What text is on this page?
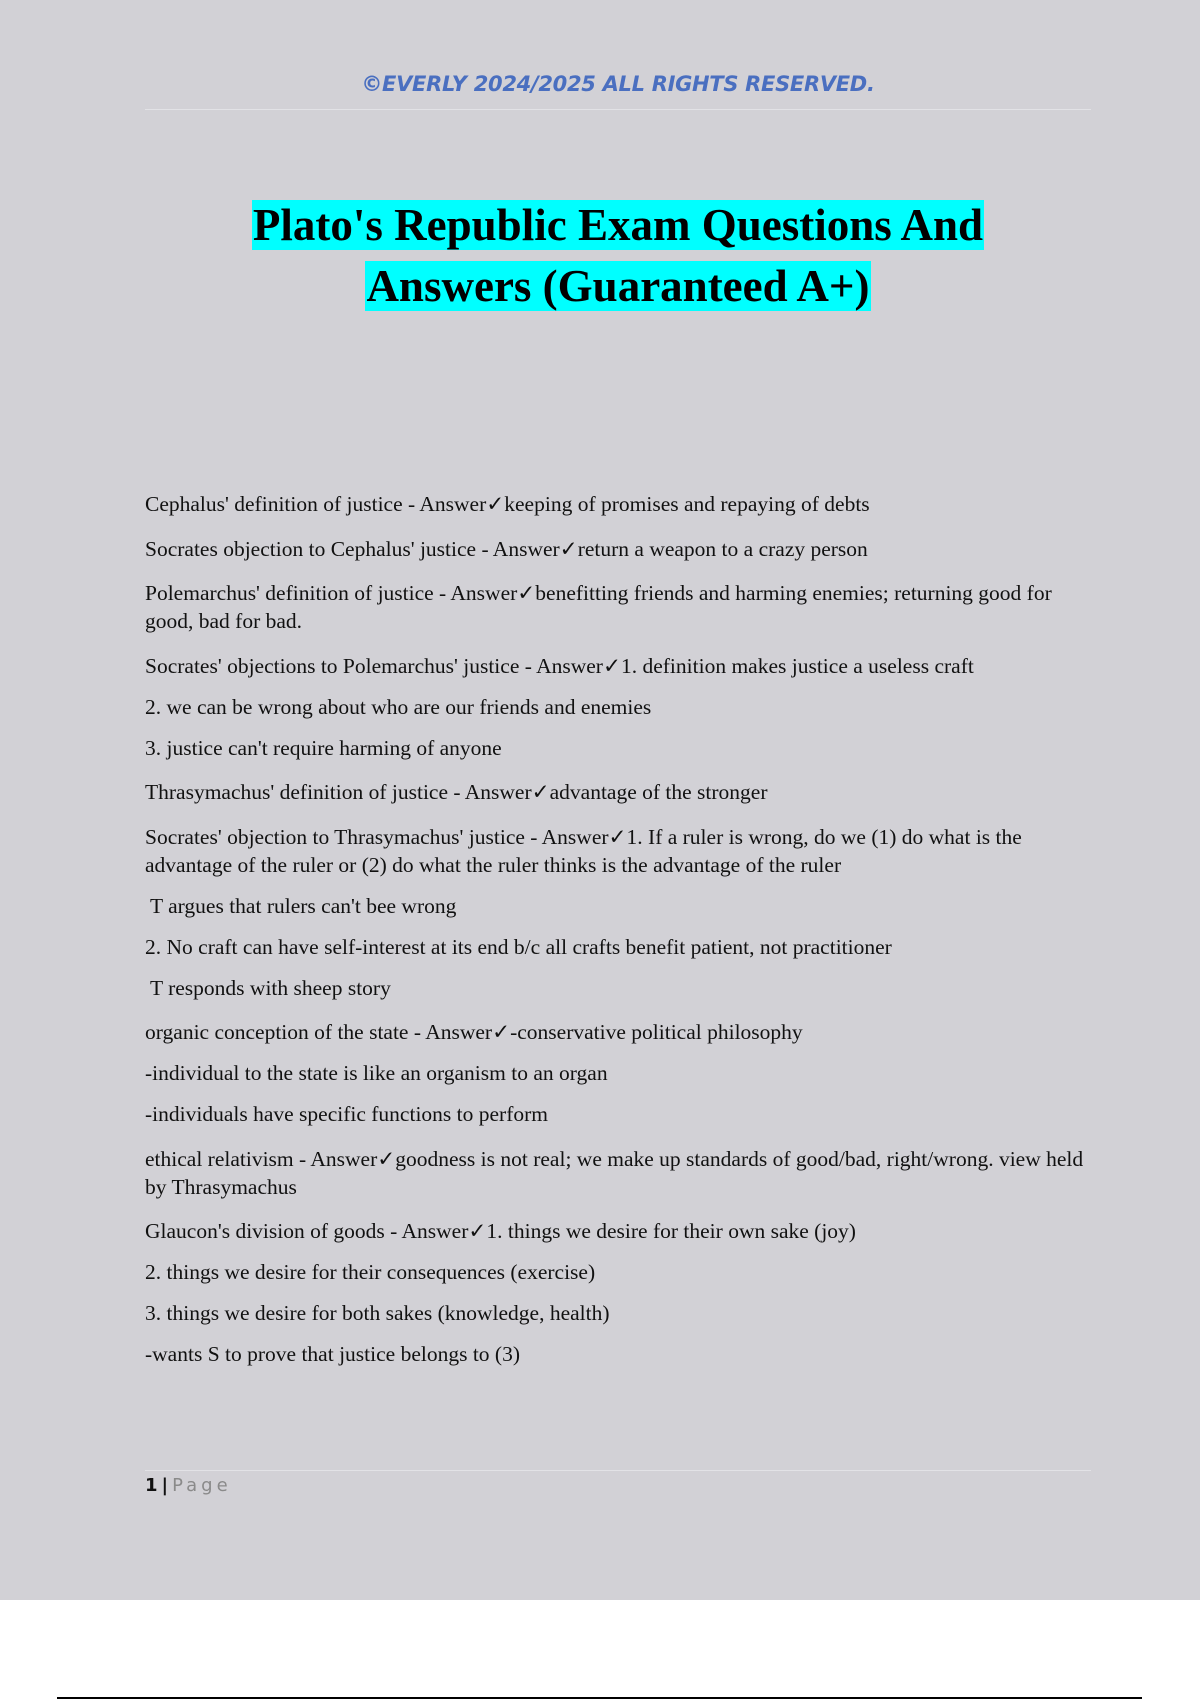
©EVERLY 2024/2025 ALL RIGHTS RESERVED.
Plato's Republic Exam Questions And
Answers (Guaranteed A+)

Cephalus' definition of justice - Answer✓keeping of promises and repaying of debts

Socrates objection to Cephalus' justice - Answer✓return a weapon to a crazy person

Polemarchus' definition of justice - Answer✓benefitting friends and harming enemies; returning good for good, bad for bad.

Socrates' objections to Polemarchus' justice - Answer✓1. definition makes justice a useless craft

2. we can be wrong about who are our friends and enemies

3. justice can't require harming of anyone

Thrasymachus' definition of justice - Answer✓advantage of the stronger

Socrates' objection to Thrasymachus' justice - Answer✓1. If a ruler is wrong, do we (1) do what is the advantage of the ruler or (2) do what the ruler thinks is the advantage of the ruler

T argues that rulers can't bee wrong

2. No craft can have self-interest at its end b/c all crafts benefit patient, not practitioner

T responds with sheep story

organic conception of the state - Answer✓-conservative political philosophy

-individual to the state is like an organism to an organ

-individuals have specific functions to perform

ethical relativism - Answer✓goodness is not real; we make up standards of good/bad, right/wrong. view held by Thrasymachus

Glaucon's division of goods - Answer✓1. things we desire for their own sake (joy)

2. things we desire for their consequences (exercise)

3. things we desire for both sakes (knowledge, health)

-wants S to prove that justice belongs to (3)

1 | Page
